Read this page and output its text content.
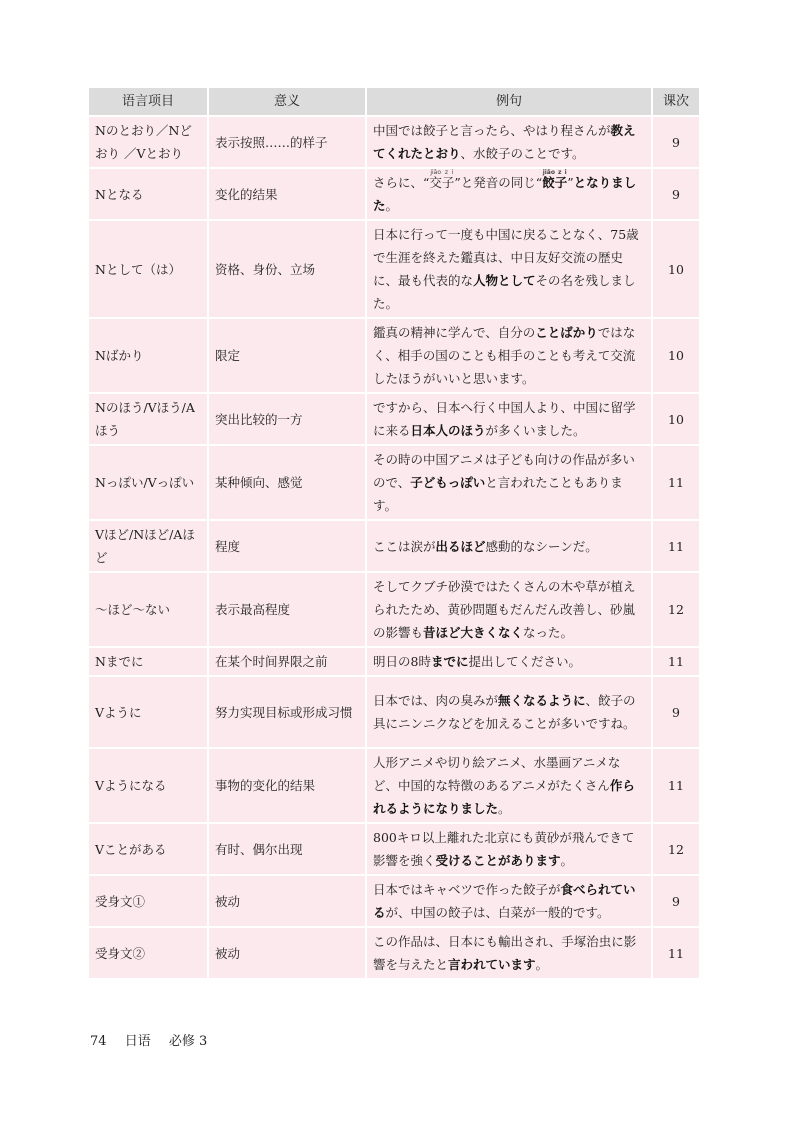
语言项目	意义	例句	课次
Nのとおり／Nどおり ／Vとおり	表示按照……的样子	中国では餃子と言ったら、やはり程さんが教えてくれたとおり、水餃子のことです。	9
Nとなる	变化的结果	さらに、“交子jiāo z i”と発音の同じ“餃子jiǎo z i”となりました。	9
Nとして（は）	资格、身份、立场	日本に行って一度も中国に戻ることなく、75歳で生涯を終えた鑑真は、中日友好交流の歴史に、最も代表的な人物としてその名を残しました。	10
Nばかり	限定	鑑真の精神に学んで、自分のことばかりではなく、相手の国のことも相手のことも考えて交流したほうがいいと思います。	10
Nのほう/Vほう/Aほう	突出比较的一方	ですから、日本へ行く中国人より、中国に留学に来る日本人のほうが多くいました。	10
Nっぽい/Vっぽい	某种倾向、感觉	その時の中国アニメは子ども向けの作品が多いので、子どもっぽいと言われたこともあります。	11
Vほど/Nほど/Aほど	程度	ここは涙が出るほど感動的なシーンだ。	11
～ほど～ない	表示最高程度	そしてクブチ砂漠ではたくさんの木や草が植えられたため、黄砂問題もだんだん改善し、砂嵐の影響も昔ほど大きくなくなった。	12
Nまでに	在某个时间界限之前	明日の8時までに提出してください。	11
Vように	努力实现目标或形成习惯	日本では、肉の臭みが無くなるように、餃子の具にニンニクなどを加えることが多いですね。	9
Vようになる	事物的变化的结果	人形アニメや切り絵アニメ、水墨画アニメなど、中国的な特徴のあるアニメがたくさん作られるようになりました。	11
Vことがある	有时、偶尔出现	800キロ以上離れた北京にも黄砂が飛んできて影響を強く受けることがあります。	12
受身文①	被动	日本ではキャベツで作った餃子が食べられているが、中国の餃子は、白菜が一般的です。	9
受身文②	被动	この作品は、日本にも輸出され、手塚治虫に影響を与えたと言われています。	11
74 日语 必修 3
